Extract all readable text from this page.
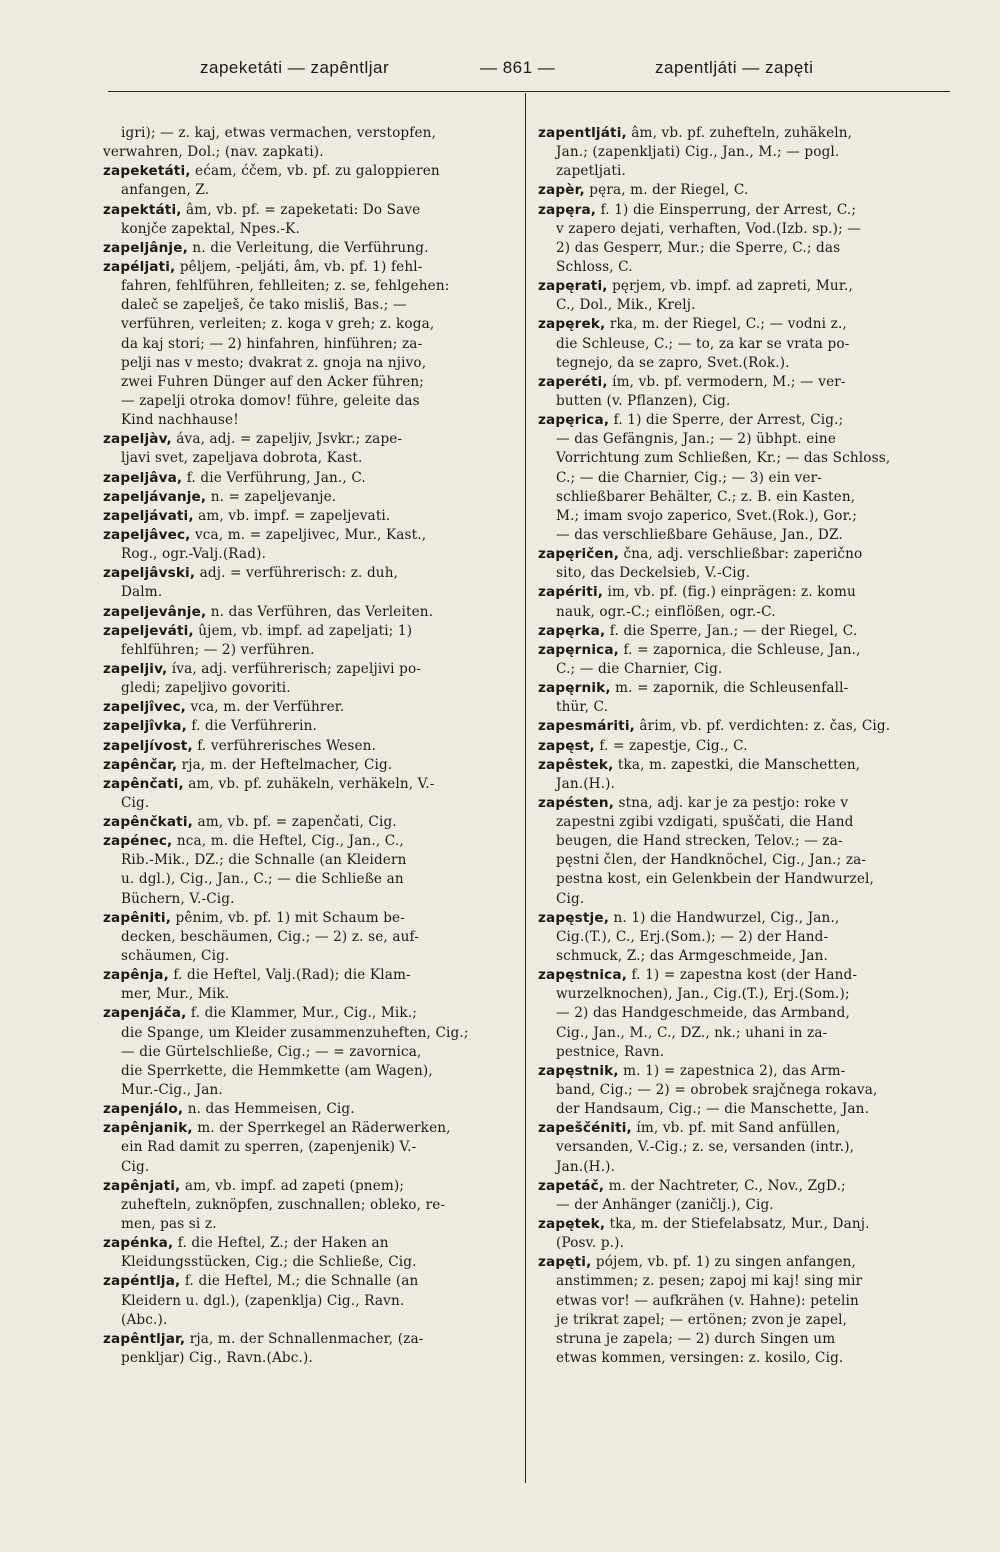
zapeketáti — zapêntljar	— 861 —	zapentljáti — zapęti
igri); — z. kaj, etwas vermachen, verstopfen,
verwahren, Dol.; (nav. zapkati).
zapeketáti, ećam, ćčem, vb. pf. zu galoppieren
anfangen, Z.
zapektáti, âm, vb. pf. = zapeketati: Do Save
konjče zapektal, Npes.-K.
zapeljânje, n. die Verleitung, die Verführung.
zapéljati, pêljem, -peljáti, âm, vb. pf. 1) fehl-
fahren, fehlführen, fehlleiten; z. se, fehlgehen:
daleč se zapelješ, če tako misliš, Bas.; —
verführen, verleiten; z. koga v greh; z. koga,
da kaj stori; — 2) hinfahren, hinführen; za-
pelji nas v mesto; dvakrat z. gnoja na njivo,
zwei Fuhren Dünger auf den Acker führen;
— zapelji otroka domov! führe, geleite das
Kind nachhause!
zapeljàv, áva, adj. = zapeljiv, Jsvkr.; zape-
ljavi svet, zapeljava dobrota, Kast.
zapeljâva, f. die Verführung, Jan., C.
zapeljávanje, n. = zapeljevanje.
zapeljávati, am, vb. impf. = zapeljevati.
zapeljâvec, vca, m. = zapeljivec, Mur., Kast.,
Rog., ogr.-Valj.(Rad).
zapeljâvski, adj. = verführerisch: z. duh,
Dalm.
zapeljevânje, n. das Verführen, das Verleiten.
zapeljeváti, ûjem, vb. impf. ad zapeljati; 1)
fehlführen; — 2) verführen.
zapeljiv, íva, adj. verführerisch; zapeljivi po-
gledi; zapeljivo govoriti.
zapeljîvec, vca, m. der Verführer.
zapeljîvka, f. die Verführerin.
zapeljívost, f. verführerisches Wesen.
zapênčar, rja, m. der Heftelmacher, Cig.
zapênčati, am, vb. pf. zuhäkeln, verhäkeln, V.-
Cig.
zapênčkati, am, vb. pf. = zapenčati, Cig.
zapénec, nca, m. die Heftel, Cig., Jan., C.,
Rib.-Mik., DZ.; die Schnalle (an Kleidern
u. dgl.), Cig., Jan., C.; — die Schließe an
Büchern, V.-Cig.
zapêniti, pênim, vb. pf. 1) mit Schaum be-
decken, beschäumen, Cig.; — 2) z. se, auf-
schäumen, Cig.
zapênja, f. die Heftel, Valj.(Rad); die Klam-
mer, Mur., Mik.
zapenjáča, f. die Klammer, Mur., Cig., Mik.;
die Spange, um Kleider zusammenzuheften, Cig.;
— die Gürtelschließe, Cig.; — = zavornica,
die Sperrkette, die Hemmkette (am Wagen),
Mur.-Cig., Jan.
zapenjálo, n. das Hemmeisen, Cig.
zapênjanik, m. der Sperrkegel an Räderwerken,
ein Rad damit zu sperren, (zapenjenik) V.-
Cig.
zapênjati, am, vb. impf. ad zapeti (pnem);
zuhefteln, zuknöpfen, zuschnallen; obleko, re-
men, pas si z.
zapénka, f. die Heftel, Z.; der Haken an
Kleidungsstücken, Cig.; die Schließe, Cig.
zapéntlja, f. die Heftel, M.; die Schnalle (an
Kleidern u. dgl.), (zapenklja) Cig., Ravn.
(Abc.).
zapêntljar, rja, m. der Schnallenmacher, (za-
penkljar) Cig., Ravn.(Abc.).
zapentljáti, âm, vb. pf. zuhefteln, zuhäkeln,
Jan.; (zapenkljati) Cig., Jan., M.; — pogl.
zapetljati.
zapèr, pęra, m. der Riegel, C.
zapęra, f. 1) die Einsperrung, der Arrest, C.;
v zapero dejati, verhaften, Vod.(Izb. sp.); —
2) das Gesperr, Mur.; die Sperre, C.; das
Schloss, C.
zapęrati, pęrjem, vb. impf. ad zapreti, Mur.,
C., Dol., Mik., Krelj.
zapęrek, rka, m. der Riegel, C.; — vodni z.,
die Schleuse, C.; — to, za kar se vrata po-
tegnejo, da se zapro, Svet.(Rok.).
zaperéti, ím, vb. pf. vermodern, M.; — ver-
butten (v. Pflanzen), Cig.
zapęrica, f. 1) die Sperre, der Arrest, Cig.;
— das Gefängnis, Jan.; — 2) übhpt. eine
Vorrichtung zum Schließen, Kr.; — das Schloss,
C.; — die Charnier, Cig.; — 3) ein ver-
schließbarer Behälter, C.; z. B. ein Kasten,
M.; imam svojo zaperico, Svet.(Rok.), Gor.;
— das verschließbare Gehäuse, Jan., DZ.
zapęričen, čna, adj. verschließbar: zaperično
sito, das Deckelsieb, V.-Cig.
zapériti, im, vb. pf. (fig.) einprägen: z. komu
nauk, ogr.-C.; einflößen, ogr.-C.
zapęrka, f. die Sperre, Jan.; — der Riegel, C.
zapęrnica, f. = zapornica, die Schleuse, Jan.,
C.; — die Charnier, Cig.
zapęrnik, m. = zapornik, die Schleusenfall-
thür, C.
zapesmáriti, ârim, vb. pf. verdichten: z. čas, Cig.
zapęst, f. = zapestje, Cig., C.
zapêstek, tka, m. zapestki, die Manschetten,
Jan.(H.).
zapésten, stna, adj. kar je za pestjo: roke v
zapestni zgibi vzdigati, spuščati, die Hand
beugen, die Hand strecken, Telov.; — za-
pęstni člen, der Handknöchel, Cig., Jan.; za-
pestna kost, ein Gelenkbein der Handwurzel,
Cig.
zapęstje, n. 1) die Handwurzel, Cig., Jan.,
Cig.(T.), C., Erj.(Som.); — 2) der Hand-
schmuck, Z.; das Armgeschmeide, Jan.
zapęstnica, f. 1) = zapestna kost (der Hand-
wurzelknochen), Jan., Cig.(T.), Erj.(Som.);
— 2) das Handgeschmeide, das Armband,
Cig., Jan., M., C., DZ., nk.; uhani in za-
pestnice, Ravn.
zapęstnik, m. 1) = zapestnica 2), das Arm-
band, Cig.; — 2) = obrobek srajčnega rokava,
der Handsaum, Cig.; — die Manschette, Jan.
zapeščéniti, ím, vb. pf. mit Sand anfüllen,
versanden, V.-Cig.; z. se, versanden (intr.),
Jan.(H.).
zapetáč, m. der Nachtreter, C., Nov., ZgD.;
— der Anhänger (zaničlj.), Cig.
zapętek, tka, m. der Stiefelabsatz, Mur., Danj.
(Posv. p.).
zapęti, pójem, vb. pf. 1) zu singen anfangen,
anstimmen; z. pesen; zapoj mi kaj! sing mir
etwas vor! — aufkrähen (v. Hahne): petelin
je trikrat zapel; — ertönen; zvon je zapel,
struna je zapela; — 2) durch Singen um
etwas kommen, versingen: z. kosilo, Cig.
